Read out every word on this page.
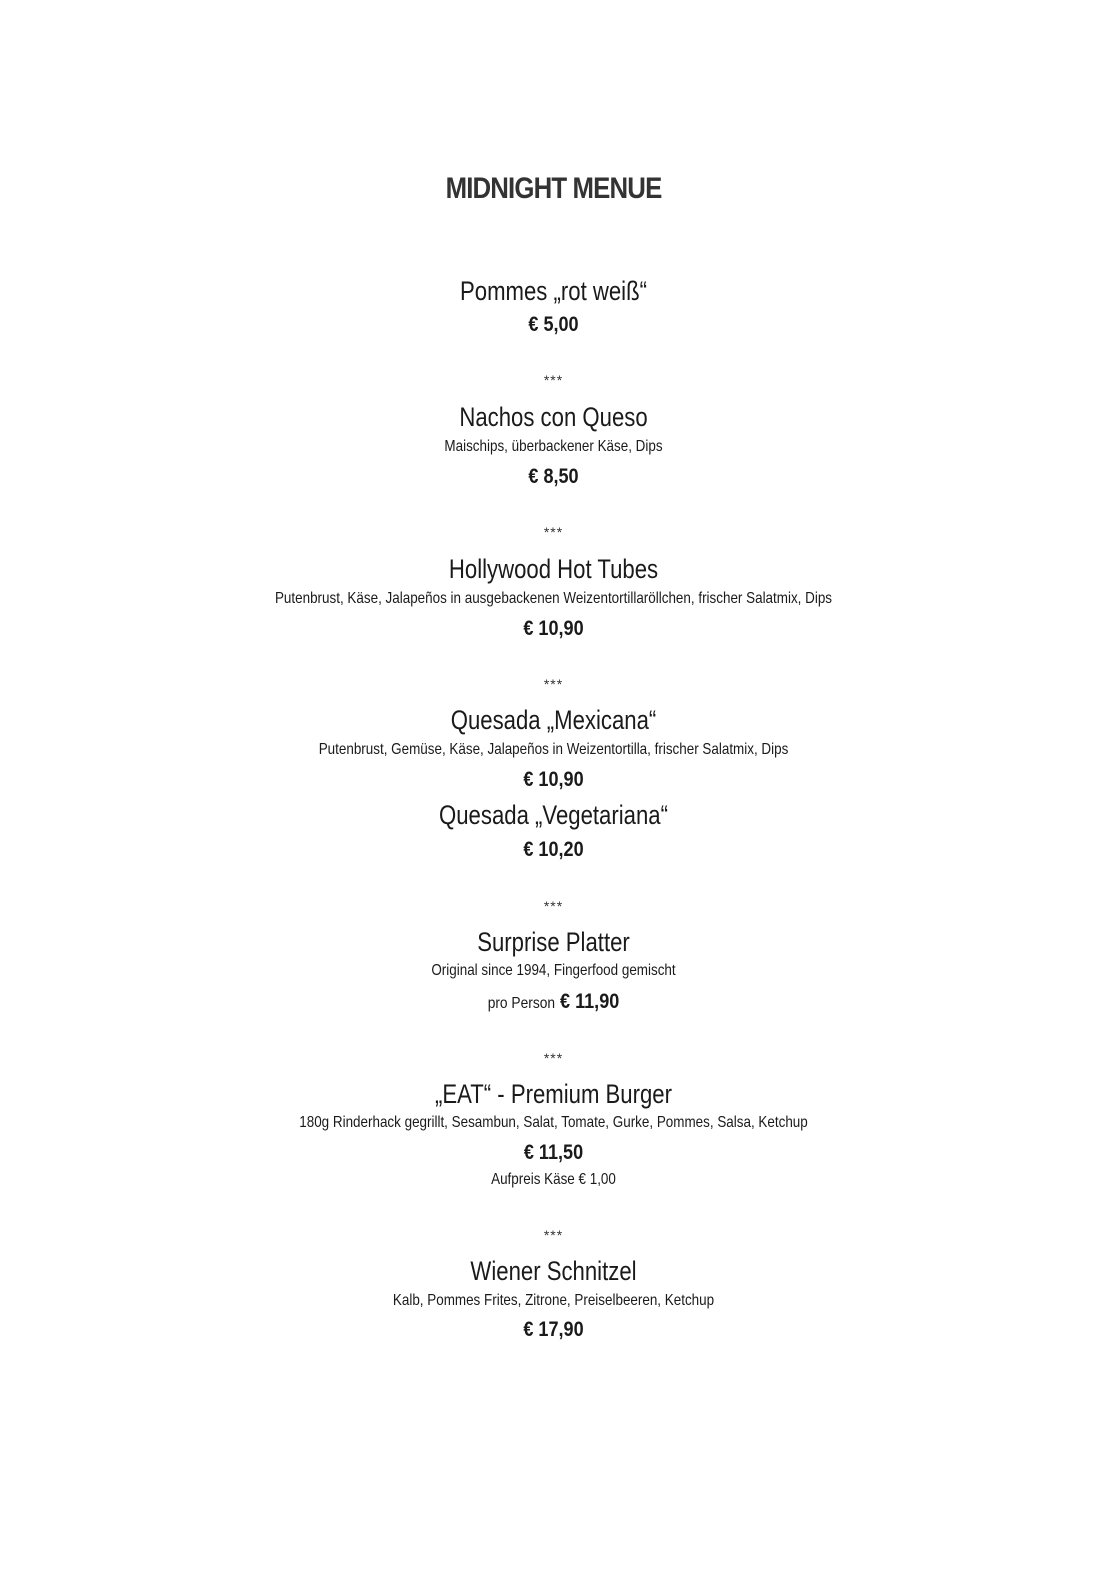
MIDNIGHT MENUE
Pommes „rot weiß“
€ 5,00
***
Nachos con Queso
Maischips, überbackener Käse, Dips
€ 8,50
***
Hollywood Hot Tubes
Putenbrust, Käse, Jalapeños in ausgebackenen Weizentortillaröllchen, frischer Salatmix, Dips
€ 10,90
***
Quesada „Mexicana“
Putenbrust, Gemüse, Käse, Jalapeños in Weizentortilla, frischer Salatmix, Dips
€ 10,90
Quesada „Vegetariana“
€ 10,20
***
Surprise Platter
Original since 1994, Fingerfood gemischt
pro Person € 11,90
***
„EAT“ - Premium Burger
180g Rinderhack gegrillt, Sesambun, Salat, Tomate, Gurke, Pommes, Salsa, Ketchup
€ 11,50
Aufpreis Käse € 1,00
***
Wiener Schnitzel
Kalb, Pommes Frites, Zitrone, Preiselbeeren, Ketchup
€ 17,90
